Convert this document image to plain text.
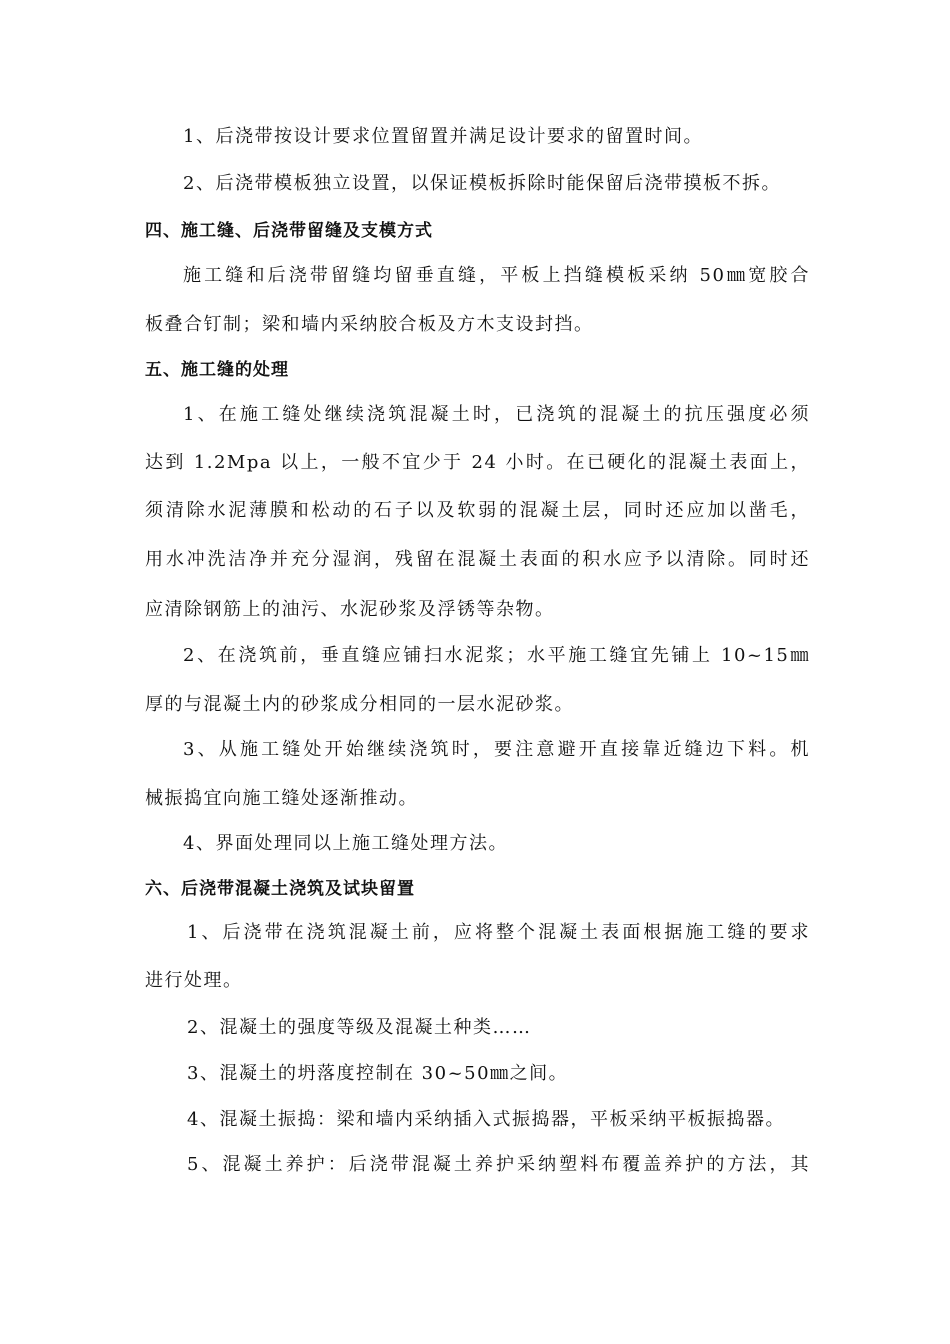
1、后浇带按设计要求位置留置并满足设计要求的留置时间。
2、后浇带模板独立设置，以保证模板拆除时能保留后浇带摸板不拆。
四、施工缝、后浇带留缝及支模方式
施工缝和后浇带留缝均留垂直缝，平板上挡缝模板采纳 50㎜宽胶合
板叠合钉制；梁和墙内采纳胶合板及方木支设封挡。
五、施工缝的处理
1、在施工缝处继续浇筑混凝土时，已浇筑的混凝土的抗压强度必须
达到 1.2Mpa 以上，一般不宜少于 24 小时。在已硬化的混凝土表面上，
须清除水泥薄膜和松动的石子以及软弱的混凝土层，同时还应加以凿毛，
用水冲洗洁净并充分湿润，残留在混凝土表面的积水应予以清除。同时还
应清除钢筋上的油污、水泥砂浆及浮锈等杂物。
2、在浇筑前，垂直缝应铺扫水泥浆；水平施工缝宜先铺上 10~15㎜
厚的与混凝土内的砂浆成分相同的一层水泥砂浆。
3、从施工缝处开始继续浇筑时，要注意避开直接靠近缝边下料。机
械振捣宜向施工缝处逐渐推动。
4、界面处理同以上施工缝处理方法。
六、后浇带混凝土浇筑及试块留置
1、后浇带在浇筑混凝土前，应将整个混凝土表面根据施工缝的要求
进行处理。
2、混凝土的强度等级及混凝土种类……
3、混凝土的坍落度控制在 30~50㎜之间。
4、混凝土振捣：梁和墙内采纳插入式振捣器，平板采纳平板振捣器。
5、混凝土养护：后浇带混凝土养护采纳塑料布覆盖养护的方法，其
